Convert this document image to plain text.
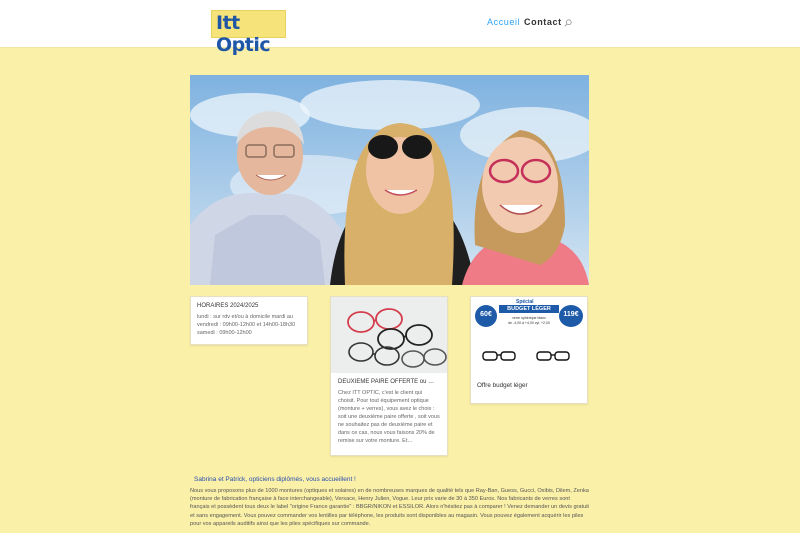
Itt Optic
Accueil Contact
HORAIRES 2024/2025
lundi : sur rdv et/ou à domicile mardi au vendredi : 09h00-12h00 et 14h00-18h30 samedi : 09h00-12h00
DEUXIEME PAIRE OFFERTE ou …
Chez ITT OPTIC, c'est le client qui choisit. Pour tout équipement optique (monture + verres), vous avez le choix : soit une deuxième paire offerte , soit vous ne souhaitez pas de deuxième paire et dans ce cas, nous vous faisons 20% de remise sur votre monture. Et…
Spécial
BUDGET LÉGER
60€	119€
verre sphérique blanc
de -4,00 à +4,00 cyl. +2,00
Offre budget léger
Sabrina et Patrick, opticiens diplômés, vous accueillent !
Nous vous proposons plus de 1000 montures (optiques et solaires) en de nombreuses marques de qualité tels que Ray-Ban, Guess, Gucci, Oxibis, Dilem, Zenka (monture de fabrication française à face interchangeable), Versace, Henry Julien, Vogue. Leur prix varie de 30 à 350 Euros. Nos fabricants de verres sont français et possèdent tous deux le label "origine France garantie" : BBGR/NIKON et ESSILOR. Alors n'hésitez pas à comparer ! Venez demander un devis gratuit et sans engagement. Vous pouvez commander vos lentilles par téléphone, les produits sont disponibles au magasin. Vous pouvez également acquérir les piles pour vos appareils auditifs ainsi que les piles spécifiques sur commande.
